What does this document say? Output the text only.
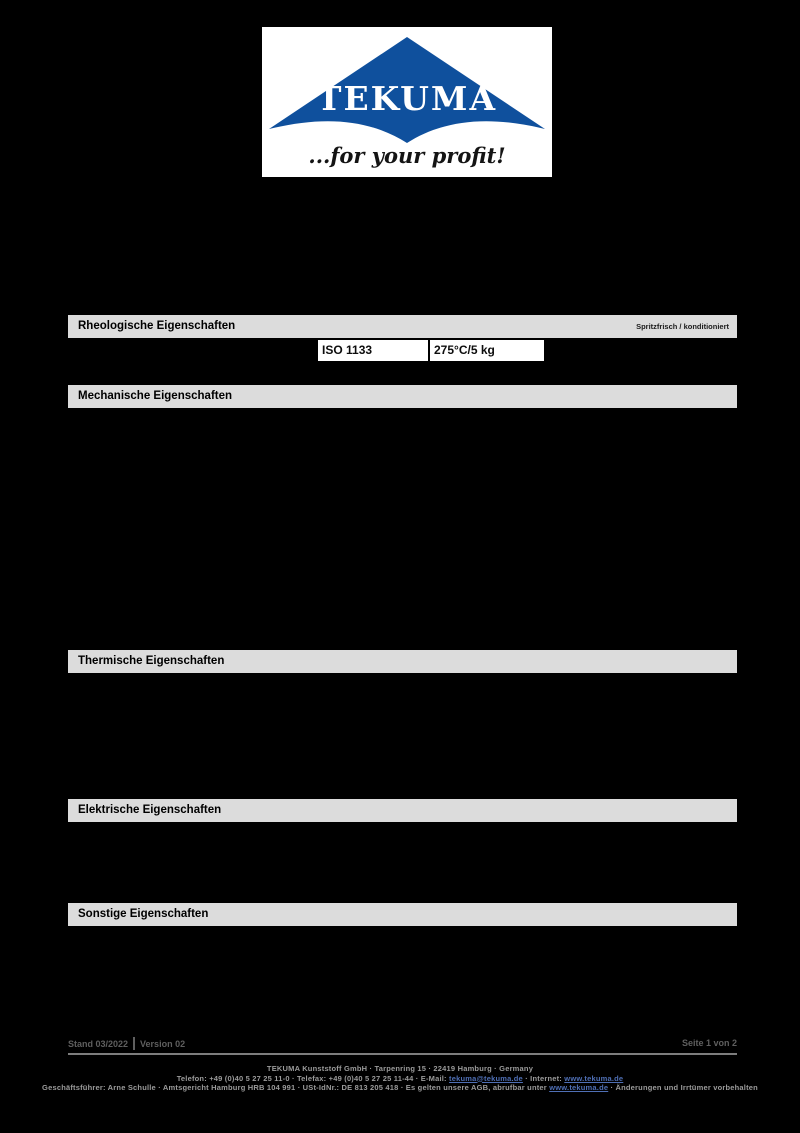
TEKUMA
...for your profit!
Rheologische Eigenschaften	Spritzfrisch / konditioniert
Mechanische Eigenschaften
Thermische Eigenschaften
Elektrische Eigenschaften
Sonstige Eigenschaften
ISO 1133	275°C/5 kg
Stand 03/2022 Version 02	Seite 1 von 2
TEKUMA Kunststoff GmbH · Tarpenring 15 · 22419 Hamburg · Germany
Telefon: +49 (0)40 5 27 25 11-0 · Telefax: +49 (0)40 5 27 25 11-44 · E-Mail: tekuma@tekuma.de · Internet: www.tekuma.de
Geschäftsführer: Arne Schulle · Amtsgericht Hamburg HRB 104 991 · USt-IdNr.: DE 813 205 418 · Es gelten unsere AGB, abrufbar unter www.tekuma.de · Änderungen und Irrtümer vorbehalten
